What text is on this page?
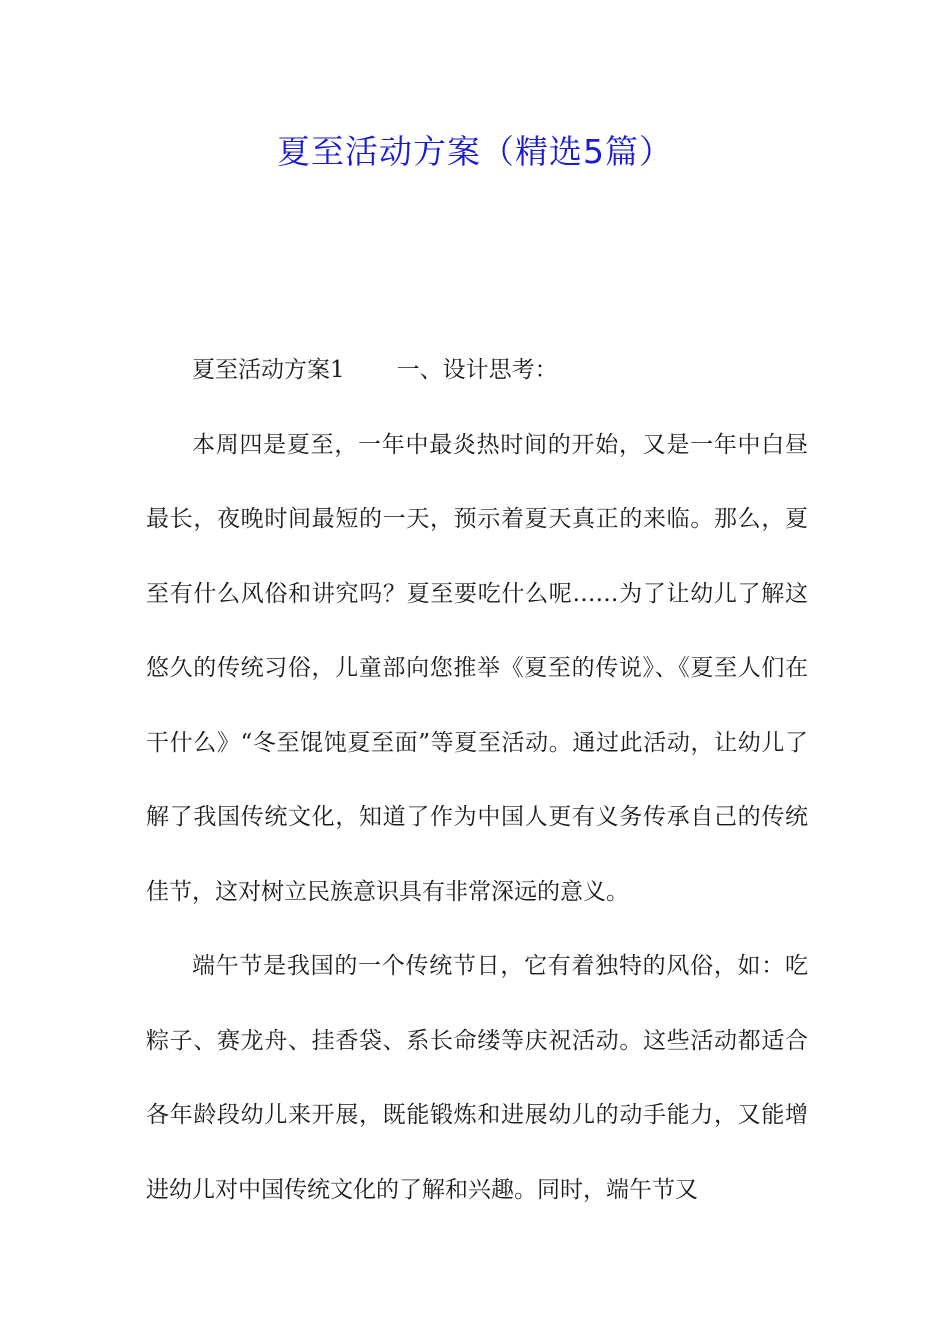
夏至活动方案（精选5篇）

夏至活动方案1 一、设计思考：

本周四是夏至，一年中最炎热时间的开始，又是一年中白昼最长，夜晚时间最短的一天，预示着夏天真正的来临。那么，夏至有什么风俗和讲究吗？夏至要吃什么呢……为了让幼儿了解这悠久的传统习俗，儿童部向您推举《夏至的传说》、《夏至人们在干什么》“冬至馄饨夏至面”等夏至活动。通过此活动，让幼儿了解了我国传统文化，知道了作为中国人更有义务传承自己的传统佳节，这对树立民族意识具有非常深远的意义。

端午节是我国的一个传统节日，它有着独特的风俗，如：吃粽子、赛龙舟、挂香袋、系长命缕等庆祝活动。这些活动都适合各年龄段幼儿来开展，既能锻炼和进展幼儿的动手能力，又能增进幼儿对中国传统文化的了解和兴趣。同时，端午节又
